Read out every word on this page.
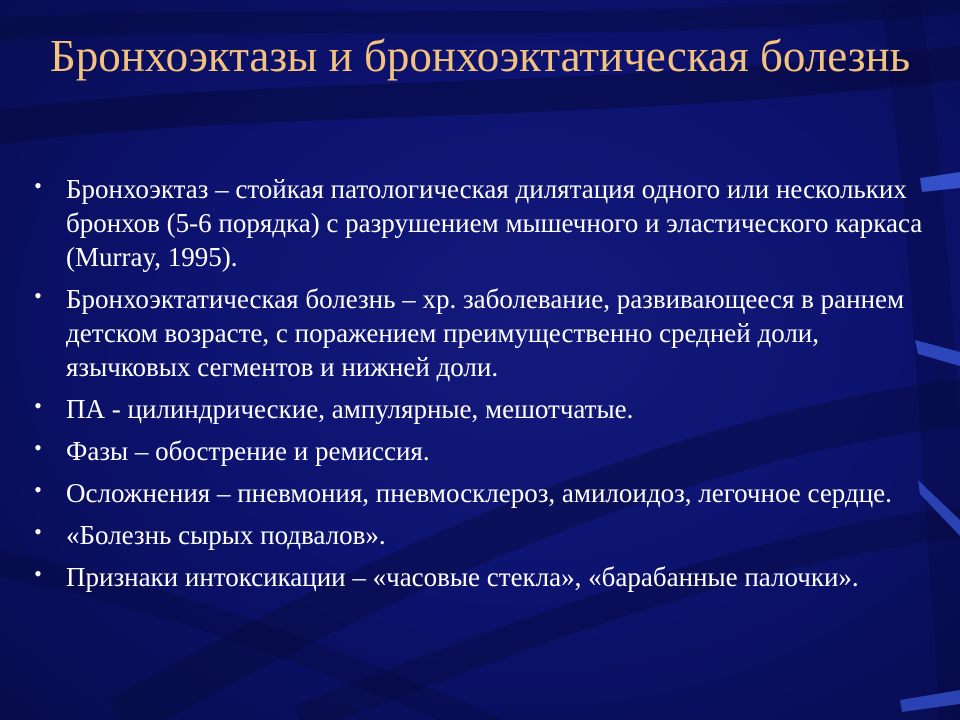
Бронхоэктазы и бронхоэктатическая болезнь
• Бронхоэктаз – стойкая патологическая дилятация одного или нескольких бронхов (5-6 порядка) с разрушением мышечного и эластического каркаса (Murray, 1995).
• Бронхоэктатическая болезнь – хр. заболевание, развивающееся в раннем детском возрасте, с поражением преимущественно средней доли, язычковых сегментов и нижней доли.
• ПА - цилиндрические, ампулярные, мешотчатые.
• Фазы – обострение и ремиссия.
• Осложнения – пневмония, пневмосклероз, амилоидоз, легочное сердце.
• «Болезнь сырых подвалов».
• Признаки интоксикации – «часовые стекла», «барабанные палочки».
